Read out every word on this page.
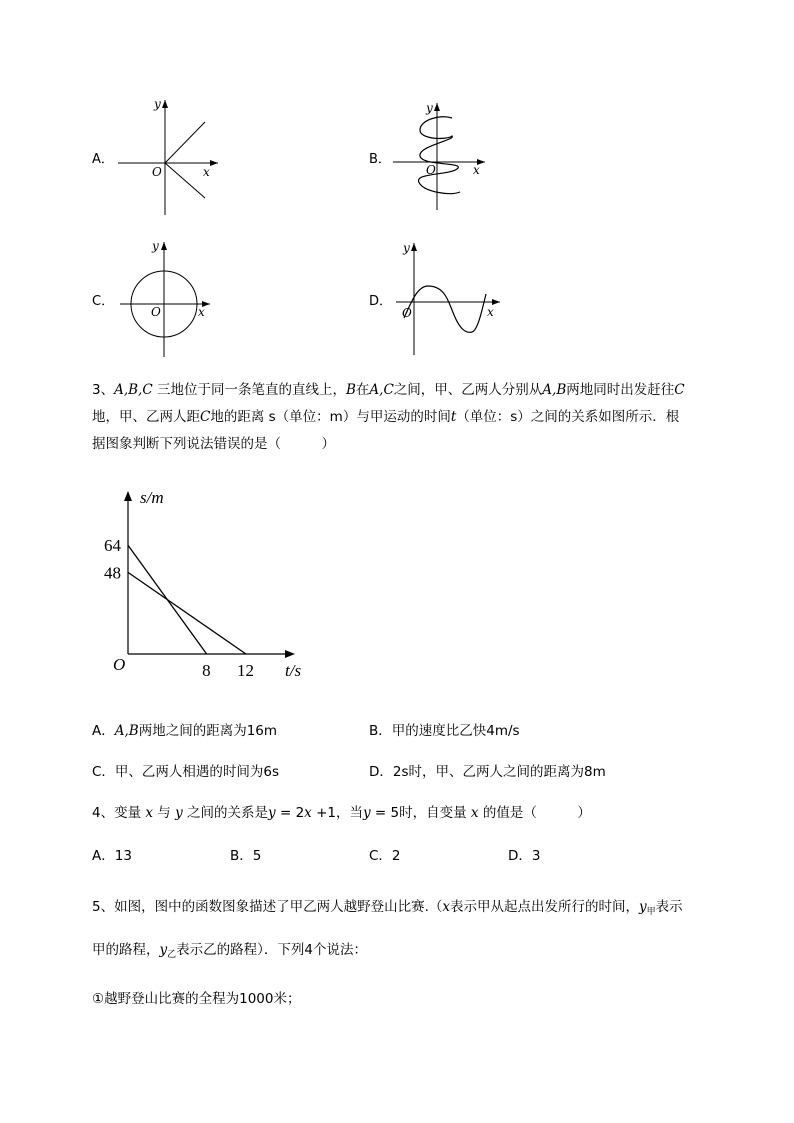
A．
y
x
O
B．
y
x
O
C．
y
x
O
D．
y
x
O
3、A,B,C 三地位于同一条笔直的直线上，B在A,C之间，甲、乙两人分别从A,B两地同时出发赶往C
地，甲、乙两人距C地的距离 s（单位：m）与甲运动的时间t（单位：s）之间的关系如图所示．根
据图象判断下列说法错误的是（　　　）
s/m
t/s
O
64
48
8 12
A．A,B两地之间的距离为16m	B．甲的速度比乙快4m/s
C．甲、乙两人相遇的时间为6s	D．2s时，甲、乙两人之间的距离为8m
4、变量 x 与 y 之间的关系是y = 2x +1，当y = 5时，自变量 x 的值是（　　　）
A．13	B．5	C．2	D．3
5、如图，图中的函数图象描述了甲乙两人越野登山比赛.（x表示甲从起点出发所行的时间，$y_甲$表示
甲的路程，$y_乙$表示乙的路程）．下列4个说法：
①越野登山比赛的全程为1000米；
